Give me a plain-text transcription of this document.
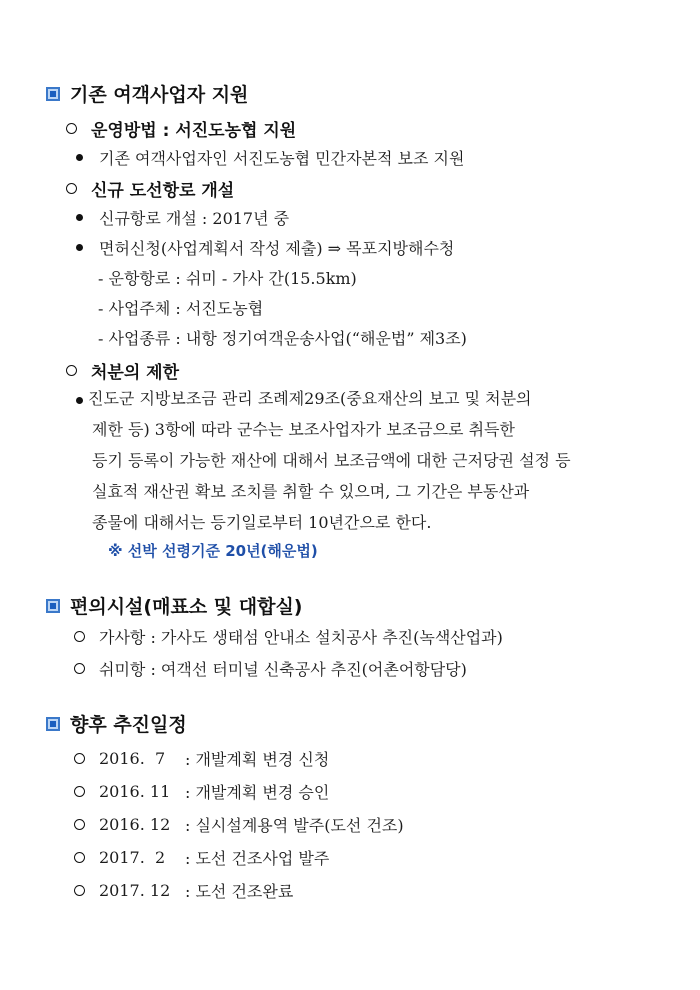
기존 여객사업자 지원
운영방법 : 서진도농협 지원
기존 여객사업자인 서진도농협 민간자본적 보조 지원
신규 도선항로 개설
신규항로 개설 : 2017년 중
면허신청(사업계획서 작성 제출) ⇒ 목포지방해수청
- 운항항로 : 쉬미 - 가사 간(15.5km)
- 사업주체 : 서진도농협
- 사업종류 : 내항 정기여객운송사업(“해운법” 제3조)
처분의 제한
진도군 지방보조금 관리 조례제29조(중요재산의 보고 및 처분의
제한 등) 3항에 따라 군수는 보조사업자가 보조금으로 취득한
등기 등록이 가능한 재산에 대해서 보조금액에 대한 근저당권 설정 등
실효적 재산권 확보 조치를 취할 수 있으며, 그 기간은 부동산과
종물에 대해서는 등기일로부터 10년간으로 한다.
※ 선박 선령기준 20년(해운법)
편의시설(매표소 및 대합실)
가사항 : 가사도 생태섬 안내소 설치공사 추진(녹색산업과)
쉬미항 : 여객선 터미널 신축공사 추진(어촌어항담당)
향후 추진일정
2016.  7	: 개발계획 변경 신청
2016. 11 : 개발계획 변경 승인
2016. 12 : 실시설계용역 발주(도선 건조)
2017.  2	: 도선 건조사업 발주
2017. 12 : 도선 건조완료
